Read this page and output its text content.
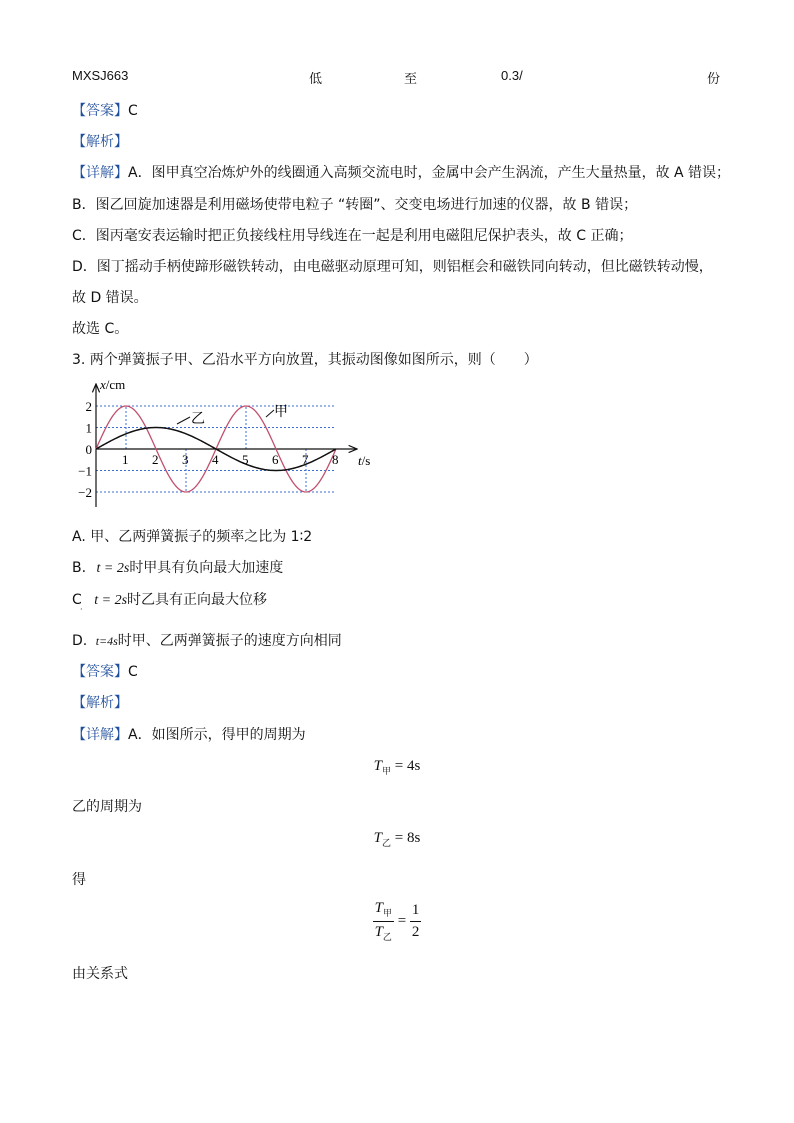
MXSJ663	低	至	0.3/	份
【答案】C
【解析】
【详解】A．图甲真空冶炼炉外的线圈通入高频交流电时，金属中会产生涡流，产生大量热量，故 A 错误；
B．图乙回旋加速器是利用磁场使带电粒子 “转圈”、交变电场进行加速的仪器，故 B 错误；
C．图丙毫安表运输时把正负接线柱用导线连在一起是利用电磁阻尼保护表头，故 C 正确；
D．图丁摇动手柄使蹄形磁铁转动，由电磁驱动原理可知，则铝框会和磁铁同向转动，但比磁铁转动慢，
故 D 错误。
故选 C。
3. 两个弹簧振子甲、乙沿水平方向放置，其振动图像如图所示，则（　　）
1 2 3 4 5 6 7 8
2
1
0
−1
−2
x/cm
t/s
乙	甲
A. 甲、乙两弹簧振子的频率之比为 1∶2
B. t = 2s时甲具有负向最大加速度
C t = 2s时乙具有正向最大位移
·
D. t=4s时甲、乙两弹簧振子的速度方向相同
【答案】C
【解析】
【详解】A．如图所示，得甲的周期为
$T_甲 = 4s$
乙的周期为
$T_乙 = 8s$
得
$\frac{T_甲}{T_乙} = \frac{1}{2}$
由关系式
